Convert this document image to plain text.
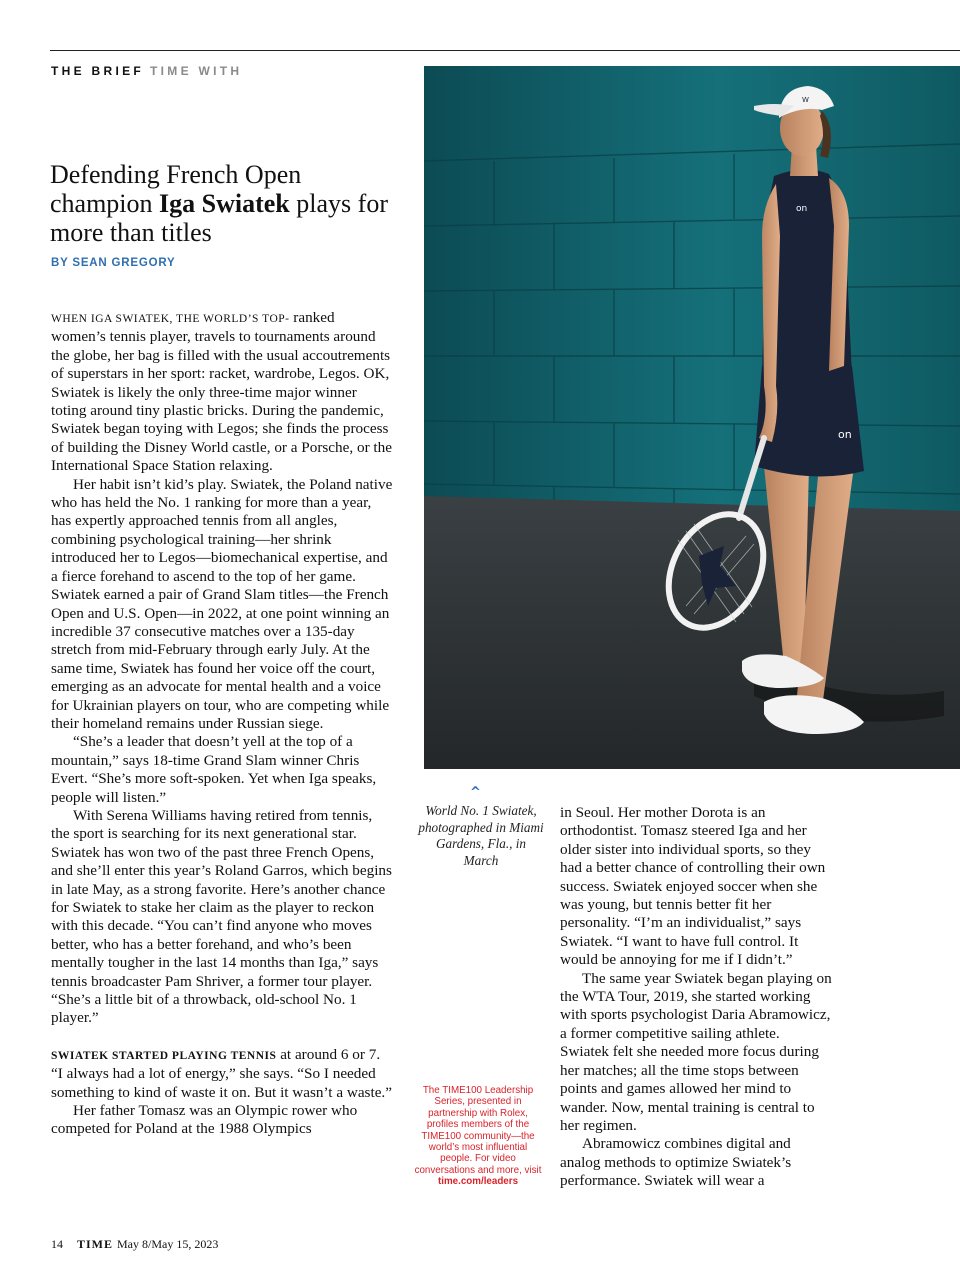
THE BRIEF TIME WITH
Defending French Open champion Iga Swiatek plays for more than titles
BY SEAN GREGORY

WHEN IGA SWIATEK, THE WORLD’S TOP- ranked women’s tennis player, travels to tournaments around the globe, her bag is filled with the usual accoutrements of superstars in her sport: racket, wardrobe, Legos. OK, Swiatek is likely the only three-time major winner toting around tiny plastic bricks. During the pandemic, Swiatek began toying with Legos; she finds the process of building the Disney World castle, or a Porsche, or the International Space Station relaxing.

Her habit isn’t kid’s play. Swiatek, the Poland native who has held the No. 1 ranking for more than a year, has expertly approached tennis from all angles, combining psychological training—her shrink introduced her to Legos—biomechanical expertise, and a fierce forehand to ascend to the top of her game. Swiatek earned a pair of Grand Slam titles—the French Open and U.S. Open—in 2022, at one point winning an incredible 37 consecutive matches over a 135-day stretch from mid-February through early July. At the same time, Swiatek has found her voice off the court, emerging as an advocate for mental health and a voice for Ukrainian players on tour, who are competing while their homeland remains under Russian siege.

“She’s a leader that doesn’t yell at the top of a mountain,” says 18-time Grand Slam winner Chris Evert. “She’s more soft-spoken. Yet when Iga speaks, people will listen.”

With Serena Williams having retired from tennis, the sport is searching for its next generational star. Swiatek has won two of the past three French Opens, and she’ll enter this year’s Roland Garros, which begins in late May, as a strong favorite. Here’s another chance for Swiatek to stake her claim as the player to reckon with this decade. “You can’t find anyone who moves better, who has a better forehand, and who’s been mentally tougher in the last 14 months than Iga,” says tennis broadcaster Pam Shriver, a former tour player. “She’s a little bit of a throwback, old-school No. 1 player.”

SWIATEK STARTED PLAYING TENNIS at around 6 or 7. “I always had a lot of energy,” she says. “So I needed something to kind of waste it on. But it wasn’t a waste.”

Her father Tomasz was an Olympic rower who competed for Poland at the 1988 Olympics

on
on
W
^
World No. 1 Swiatek, photographed in Miami Gardens, Fla., in March

in Seoul. Her mother Dorota is an orthodontist. Tomasz steered Iga and her older sister into individual sports, so they had a better chance of controlling their own success. Swiatek enjoyed soccer when she was young, but tennis better fit her personality. “I’m an individualist,” says Swiatek. “I want to have full control. It would be annoying for me if I didn’t.”

The same year Swiatek began playing on the WTA Tour, 2019, she started working with sports psychologist Daria Abramowicz, a former competitive sailing athlete. Swiatek felt she needed more focus during her matches; all the time stops between points and games allowed her mind to wander. Now, mental training is central to her regimen.

Abramowicz combines digital and analog methods to optimize Swiatek’s performance. Swiatek will wear a

The TIME100 Leadership Series, presented in partnership with Rolex, profiles members of the TIME100 community—the world’s most influential people. For video conversations and more, visit
time.com/leaders
14 TIME May 8/May 15, 2023
